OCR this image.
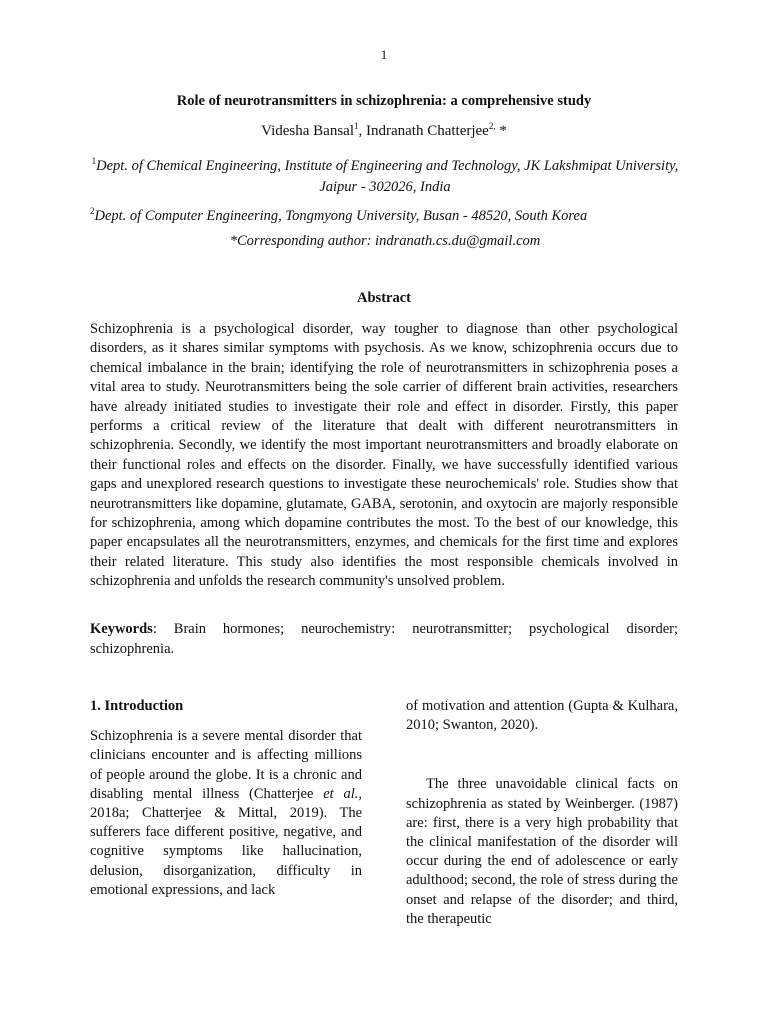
1
Role of neurotransmitters in schizophrenia: a comprehensive study
Videsha Bansal$^1$, Indranath Chatterjee$^{2,}$ *
$^1$Dept. of Chemical Engineering, Institute of Engineering and Technology, JK Lakshmipat University, Jaipur - 302026, India
$^2$Dept. of Computer Engineering, Tongmyong University, Busan - 48520, South Korea
*Corresponding author: indranath.cs.du@gmail.com
Abstract

Schizophrenia is a psychological disorder, way tougher to diagnose than other psychological disorders, as it shares similar symptoms with psychosis. As we know, schizophrenia occurs due to chemical imbalance in the brain; identifying the role of neurotransmitters in schizophrenia poses a vital area to study. Neurotransmitters being the sole carrier of different brain activities, researchers have already initiated studies to investigate their role and effect in disorder. Firstly, this paper performs a critical review of the literature that dealt with different neurotransmitters in schizophrenia. Secondly, we identify the most important neurotransmitters and broadly elaborate on their functional roles and effects on the disorder. Finally, we have successfully identified various gaps and unexplored research questions to investigate these neurochemicals' role. Studies show that neurotransmitters like dopamine, glutamate, GABA, serotonin, and oxytocin are majorly responsible for schizophrenia, among which dopamine contributes the most. To the best of our knowledge, this paper encapsulates all the neurotransmitters, enzymes, and chemicals for the first time and explores their related literature. This study also identifies the most responsible chemicals involved in schizophrenia and unfolds the research community's unsolved problem.

Keywords: Brain hormones; neurochemistry: neurotransmitter; psychological disorder; schizophrenia.

1. Introduction

Schizophrenia is a severe mental disorder that clinicians encounter and is affecting millions of people around the globe. It is a chronic and disabling mental illness (Chatterjee et al., 2018a; Chatterjee & Mittal, 2019). The sufferers face different positive, negative, and cognitive symptoms like hallucination, delusion, disorganization, difficulty in emotional expressions, and lack

of motivation and attention (Gupta & Kulhara, 2010; Swanton, 2020).

The three unavoidable clinical facts on schizophrenia as stated by Weinberger. (1987) are: first, there is a very high probability that the clinical manifestation of the disorder will occur during the end of adolescence or early adulthood; second, the role of stress during the onset and relapse of the disorder; and third, the therapeutic
